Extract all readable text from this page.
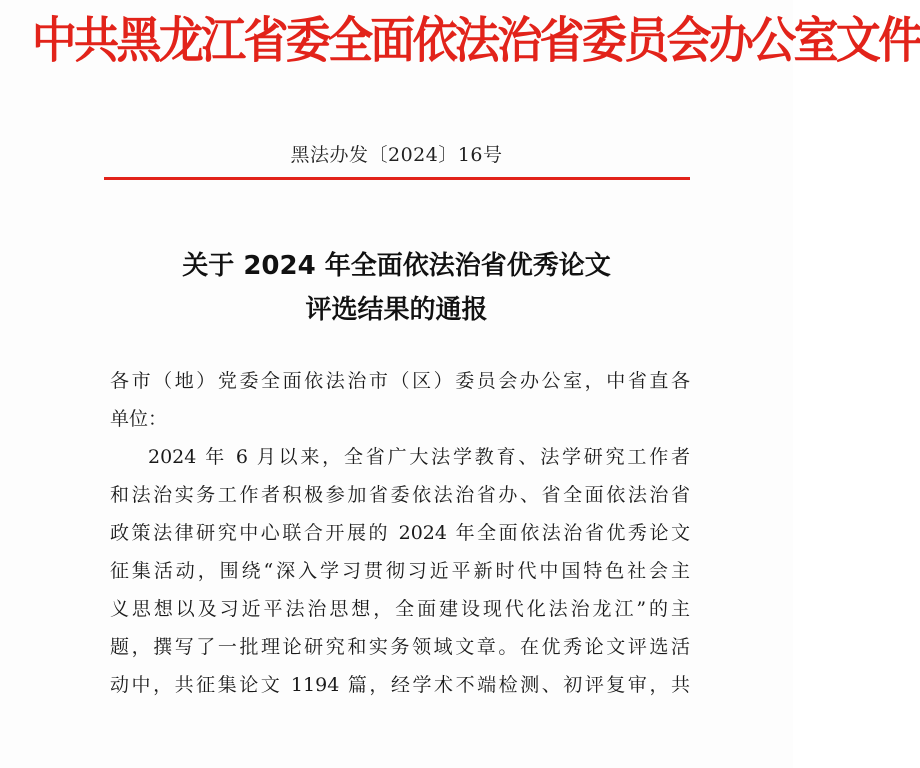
中共黑龙江省委全面依法治省委员会办公室文件
黑法办发〔2024〕16号
关于 2024 年全面依法治省优秀论文
评选结果的通报
各市（地）党委全面依法治市（区）委员会办公室，中省直各
单位：
2024 年 6 月以来，全省广大法学教育、法学研究工作者
和法治实务工作者积极参加省委依法治省办、省全面依法治省
政策法律研究中心联合开展的 2024 年全面依法治省优秀论文
征集活动，围绕“深入学习贯彻习近平新时代中国特色社会主
义思想以及习近平法治思想，全面建设现代化法治龙江”的主
题，撰写了一批理论研究和实务领域文章。在优秀论文评选活
动中，共征集论文 1194 篇，经学术不端检测、初评复审，共
